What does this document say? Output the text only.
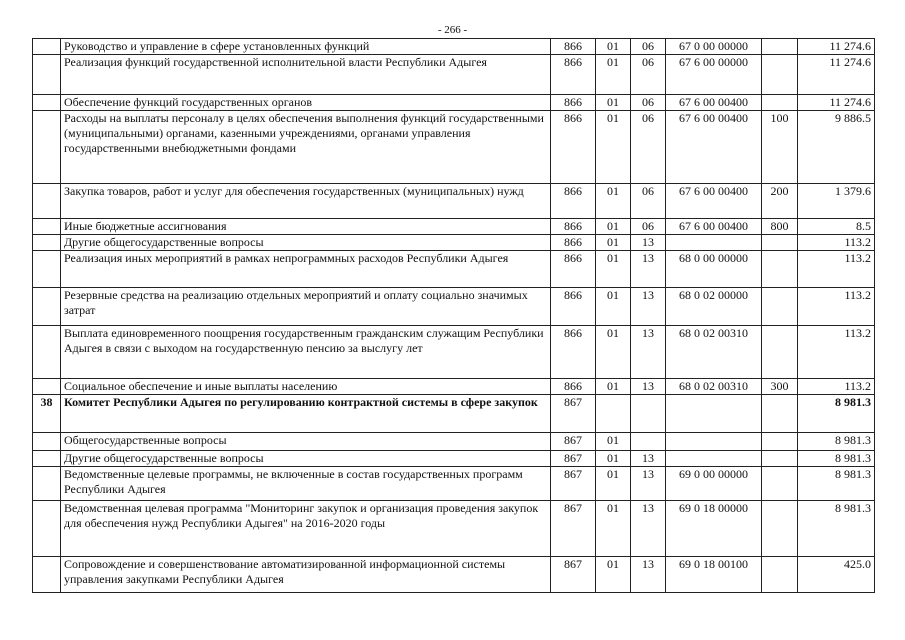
- 266 -
	Руководство и управление в сфере установленных функций	866	01	06	67 0 00 00000		11 274.6
	Реализация функций государственной исполнительной власти Республики Адыгея	866	01	06	67 6 00 00000		11 274.6
	Обеспечение функций государственных органов	866	01	06	67 6 00 00400		11 274.6
	Расходы на выплаты персоналу в целях обеспечения выполнения функций государственными (муниципальными) органами, казенными учреждениями, органами управления государственными внебюджетными фондами	866	01	06	67 6 00 00400	100	9 886.5
	Закупка товаров, работ и услуг для обеспечения государственных (муниципальных) нужд	866	01	06	67 6 00 00400	200	1 379.6
	Иные бюджетные ассигнования	866	01	06	67 6 00 00400	800	8.5
	Другие общегосударственные вопросы	866	01	13			113.2
	Реализация иных мероприятий в рамках непрограммных расходов Республики Адыгея	866	01	13	68 0 00 00000		113.2
	Резервные средства на реализацию отдельных мероприятий и оплату социально значимых затрат	866	01	13	68 0 02 00000		113.2
	Выплата единовременного поощрения государственным гражданским служащим Республики Адыгея в связи с выходом на государственную пенсию за выслугу лет	866	01	13	68 0 02 00310		113.2
	Социальное обеспечение и иные выплаты населению	866	01	13	68 0 02 00310	300	113.2
38	Комитет Республики Адыгея по регулированию контрактной системы в сфере закупок	867					8 981.3
	Общегосударственные вопросы	867	01				8 981.3
	Другие общегосударственные вопросы	867	01	13			8 981.3
	Ведомственные целевые программы, не включенные в состав государственных программ Республики Адыгея	867	01	13	69 0 00 00000		8 981.3
	Ведомственная целевая программа "Мониторинг закупок и организация проведения закупок для обеспечения нужд Республики Адыгея" на 2016-2020 годы	867	01	13	69 0 18 00000		8 981.3
	Сопровождение и совершенствование автоматизированной информационной системы управления закупками Республики Адыгея	867	01	13	69 0 18 00100		425.0
